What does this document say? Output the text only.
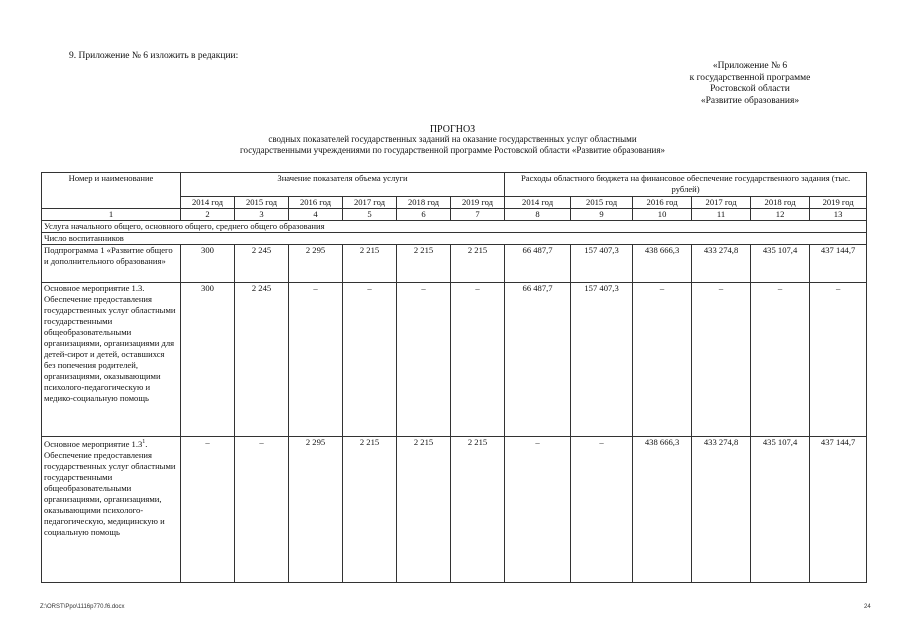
9. Приложение № 6 изложить в редакции:
«Приложение № 6
к государственной программе
Ростовской области
«Развитие образования»
ПРОГНОЗ
сводных показателей государственных заданий на оказание государственных услуг областными
государственными учреждениями по государственной программе Ростовской области «Развитие образования»
Номер и наименование	Значение показателя объема услуги						Расходы областного бюджета на финансовое обеспечение государственного задания (тыс. рублей)					
	2014 год	2015 год	2016 год	2017 год	2018 год	2019 год	2014 год	2015 год	2016 год	2017 год	2018 год	2019 год
1	2	3	4	5	6	7	8	9	10	11	12	13
Услуга начального общего, основного общего, среднего общего образования												
Число воспитанников												
Подпрограмма 1 «Развитие общего и дополнительного образования»	300	2 245	2 295	2 215	2 215	2 215	66 487,7	157 407,3	438 666,3	433 274,8	435 107,4	437 144,7
Основное мероприятие 1.3. Обеспечение предоставления государственных услуг областными государственными общеобразовательными организациями, организациями для детей-сирот и детей, оставшихся без попечения родителей, организациями, оказывающими психолого-педагогическую и медико-социальную помощь	300	2 245	–	–	–	–	66 487,7	157 407,3	–	–	–	–
Основное мероприятие $1.3^1$. Обеспечение предоставления государственных услуг областными государственными общеобразовательными организациями, организациями, оказывающими психолого-педагогическую, медицинскую и социальную помощь	–	–	2 295	2 215	2 215	2 215	–	–	438 666,3	433 274,8	435 107,4	437 144,7
Z:\ORST\Ppo\1116p770.f6.docx	24
